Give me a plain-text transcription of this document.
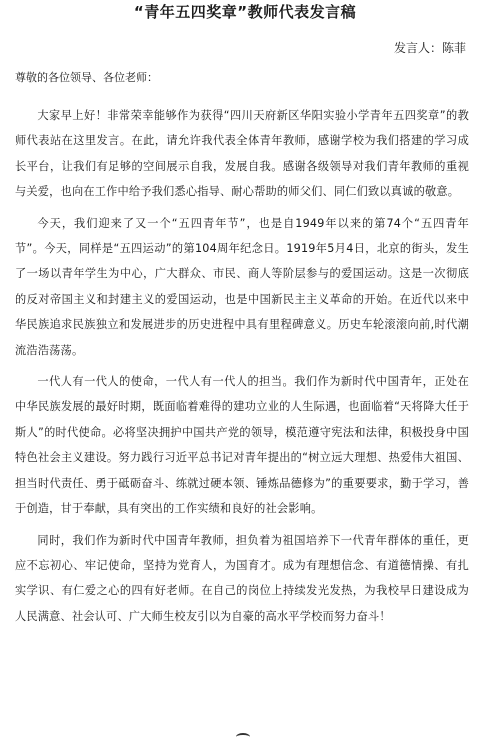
“青年五四奖章”教师代表发言稿
发言人：陈菲
尊敬的各位领导、各位老师：

大家早上好！非常荣幸能够作为获得“四川天府新区华阳实验小学青年五四奖章”的教师代表站在这里发言。在此，请允许我代表全体青年教师，感谢学校为我们搭建的学习成长平台，让我们有足够的空间展示自我，发展自我。感谢各级领导对我们青年教师的重视与关爱，也向在工作中给予我们悉心指导、耐心帮助的师父们、同仁们致以真诚的敬意。

今天，我们迎来了又一个“五四青年节”，也是自1949年以来的第74个“五四青年节”。今天，同样是“五四运动”的第104周年纪念日。1919年5月4日，北京的街头，发生了一场以青年学生为中心，广大群众、市民、商人等阶层参与的爱国运动。这是一次彻底的反对帝国主义和封建主义的爱国运动，也是中国新民主主义革命的开始。在近代以来中华民族追求民族独立和发展进步的历史进程中具有里程碑意义。历史车轮滚滚向前,时代潮流浩浩荡荡。

一代人有一代人的使命，一代人有一代人的担当。我们作为新时代中国青年，正处在中华民族发展的最好时期，既面临着难得的建功立业的人生际遇，也面临着“天将降大任于斯人”的时代使命。必将坚决拥护中国共产党的领导，模范遵守宪法和法律，积极投身中国特色社会主义建设。努力践行习近平总书记对青年提出的“树立远大理想、热爱伟大祖国、担当时代责任、勇于砥砺奋斗、练就过硬本领、锤炼品德修为”的重要要求，勤于学习，善于创造，甘于奉献，具有突出的工作实绩和良好的社会影响。

同时，我们作为新时代中国青年教师，担负着为祖国培养下一代青年群体的重任，更应不忘初心、牢记使命，坚持为党育人，为国育才。成为有理想信念、有道德情操、有扎实学识、有仁爱之心的四有好老师。在自己的岗位上持续发光发热，为我校早日建设成为人民满意、社会认可、广大师生校友引以为自豪的高水平学校而努力奋斗！
